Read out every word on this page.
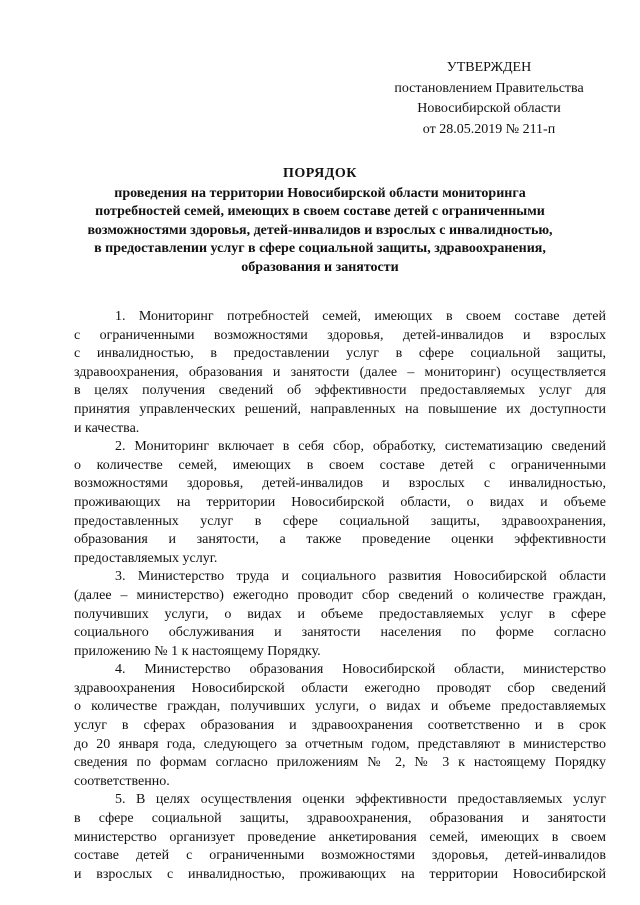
УТВЕРЖДЕН
постановлением Правительства
Новосибирской области
от 28.05.2019 № 211-п
ПОРЯДОК
проведения на территории Новосибирской области мониторинга
потребностей семей, имеющих в своем составе детей с ограниченными
возможностями здоровья, детей-инвалидов и взрослых с инвалидностью,
в предоставлении услуг в сфере социальной защиты, здравоохранения,
образования и занятости
1. Мониторинг потребностей семей, имеющих в своем составе детей
с ограниченными возможностями здоровья, детей-инвалидов и взрослых
с инвалидностью, в предоставлении услуг в сфере социальной защиты,
здравоохранения, образования и занятости (далее – мониторинг) осуществляется
в целях получения сведений об эффективности предоставляемых услуг для
принятия управленческих решений, направленных на повышение их доступности
и качества.
2. Мониторинг включает в себя сбор, обработку, систематизацию сведений
о количестве семей, имеющих в своем составе детей с ограниченными
возможностями здоровья, детей-инвалидов и взрослых с инвалидностью,
проживающих на территории Новосибирской области, о видах и объеме
предоставленных услуг в сфере социальной защиты, здравоохранения,
образования и занятости, а также проведение оценки эффективности
предоставляемых услуг.
3. Министерство труда и социального развития Новосибирской области
(далее – министерство) ежегодно проводит сбор сведений о количестве граждан,
получивших услуги, о видах и объеме предоставляемых услуг в сфере
социального обслуживания и занятости населения по форме согласно
приложению № 1 к настоящему Порядку.
4. Министерство образования Новосибирской области, министерство
здравоохранения Новосибирской области ежегодно проводят сбор сведений
о количестве граждан, получивших услуги, о видах и объеме предоставляемых
услуг в сферах образования и здравоохранения соответственно и в срок
до 20 января года, следующего за отчетным годом, представляют в министерство
сведения по формам согласно приложениям № 2, № 3 к настоящему Порядку
соответственно.
5. В целях осуществления оценки эффективности предоставляемых услуг
в сфере социальной защиты, здравоохранения, образования и занятости
министерство организует проведение анкетирования семей, имеющих в своем
составе детей с ограниченными возможностями здоровья, детей-инвалидов
и взрослых с инвалидностью, проживающих на территории Новосибирской
